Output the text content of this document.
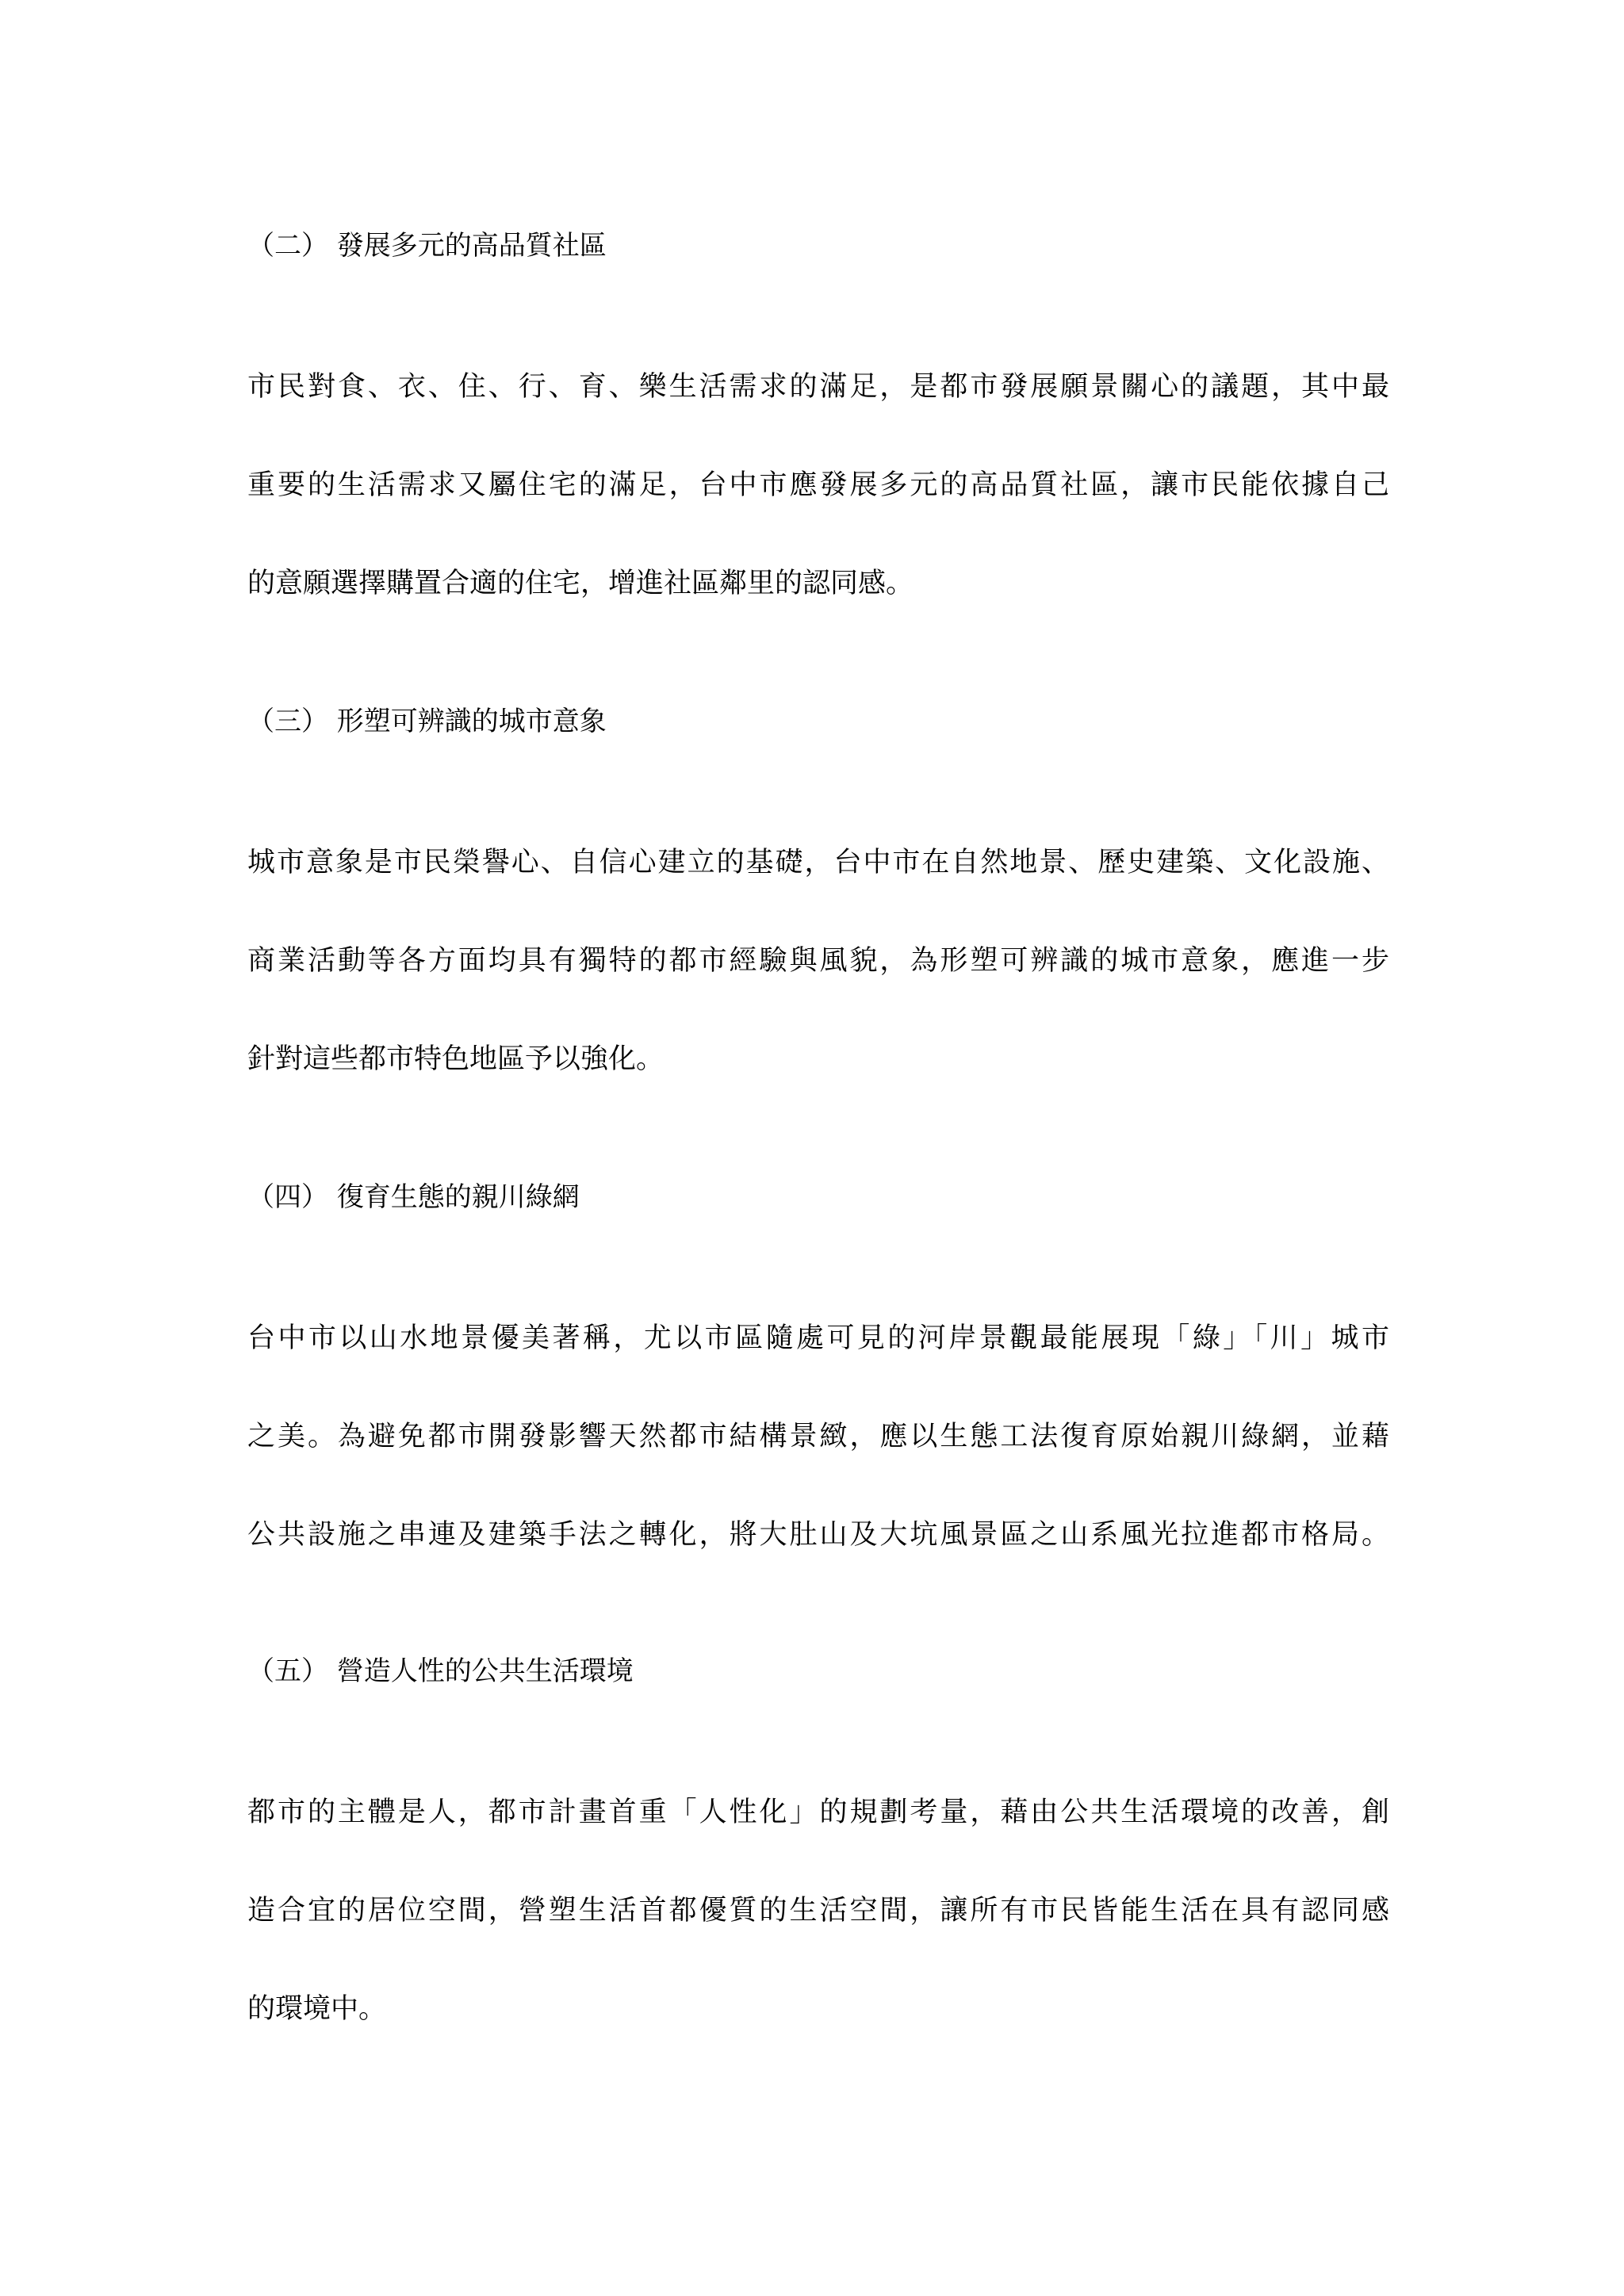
（二） 發展多元的高品質社區

市民對食、衣、住、行、育、樂生活需求的滿足，是都市發展願景關心的議題，其中最

重要的生活需求又屬住宅的滿足，台中市應發展多元的高品質社區，讓市民能依據自己

的意願選擇購置合適的住宅，增進社區鄰里的認同感。

（三） 形塑可辨識的城市意象

城市意象是市民榮譽心、自信心建立的基礎，台中市在自然地景、歷史建築、文化設施、

商業活動等各方面均具有獨特的都市經驗與風貌，為形塑可辨識的城市意象，應進一步

針對這些都市特色地區予以強化。

（四） 復育生態的親川綠網

台中市以山水地景優美著稱，尤以市區隨處可見的河岸景觀最能展現「綠」「川」城市

之美。為避免都市開發影響天然都市結構景緻，應以生態工法復育原始親川綠網，並藉

公共設施之串連及建築手法之轉化，將大肚山及大坑風景區之山系風光拉進都市格局。

（五） 營造人性的公共生活環境

都市的主體是人，都市計畫首重「人性化」的規劃考量，藉由公共生活環境的改善，創

造合宜的居位空間，營塑生活首都優質的生活空間，讓所有市民皆能生活在具有認同感

的環境中。
